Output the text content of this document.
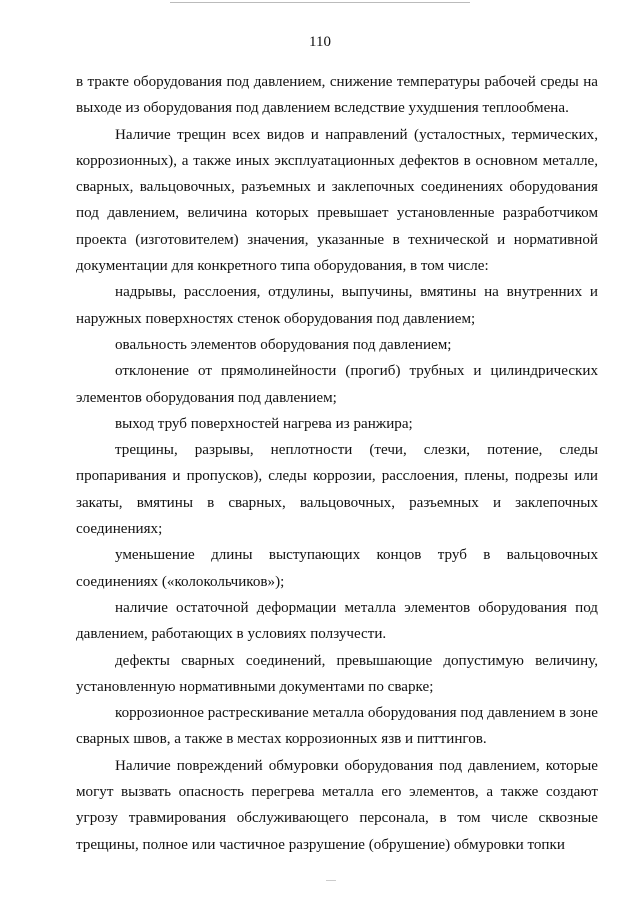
110

в тракте оборудования под давлением, снижение температуры рабочей среды на выходе из оборудования под давлением вследствие ухудшения теплообмена.

Наличие трещин всех видов и направлений (усталостных, термических, коррозионных), а также иных эксплуатационных дефектов в основном металле, сварных, вальцовочных, разъемных и заклепочных соединениях оборудования под давлением, величина которых превышает установленные разработчиком проекта (изготовителем) значения, указанные в технической и нормативной документации для конкретного типа оборудования, в том числе:

надрывы, расслоения, отдулины, выпучины, вмятины на внутренних и наружных поверхностях стенок оборудования под давлением;

овальность элементов оборудования под давлением;

отклонение от прямолинейности (прогиб) трубных и цилиндрических элементов оборудования под давлением;

выход труб поверхностей нагрева из ранжира;

трещины, разрывы, неплотности (течи, слезки, потение, следы пропаривания и пропусков), следы коррозии, расслоения, плены, подрезы или закаты, вмятины в сварных, вальцовочных, разъемных и заклепочных соединениях;

уменьшение длины выступающих концов труб в вальцовочных соединениях («колокольчиков»);

наличие остаточной деформации металла элементов оборудования под давлением, работающих в условиях ползучести.

дефекты сварных соединений, превышающие допустимую величину, установленную нормативными документами по сварке;

коррозионное растрескивание металла оборудования под давлением в зоне сварных швов, а также в местах коррозионных язв и питтингов.

Наличие повреждений обмуровки оборудования под давлением, которые могут вызвать опасность перегрева металла его элементов, а также создают угрозу травмирования обслуживающего персонала, в том числе сквозные трещины, полное или частичное разрушение (обрушение) обмуровки топки
